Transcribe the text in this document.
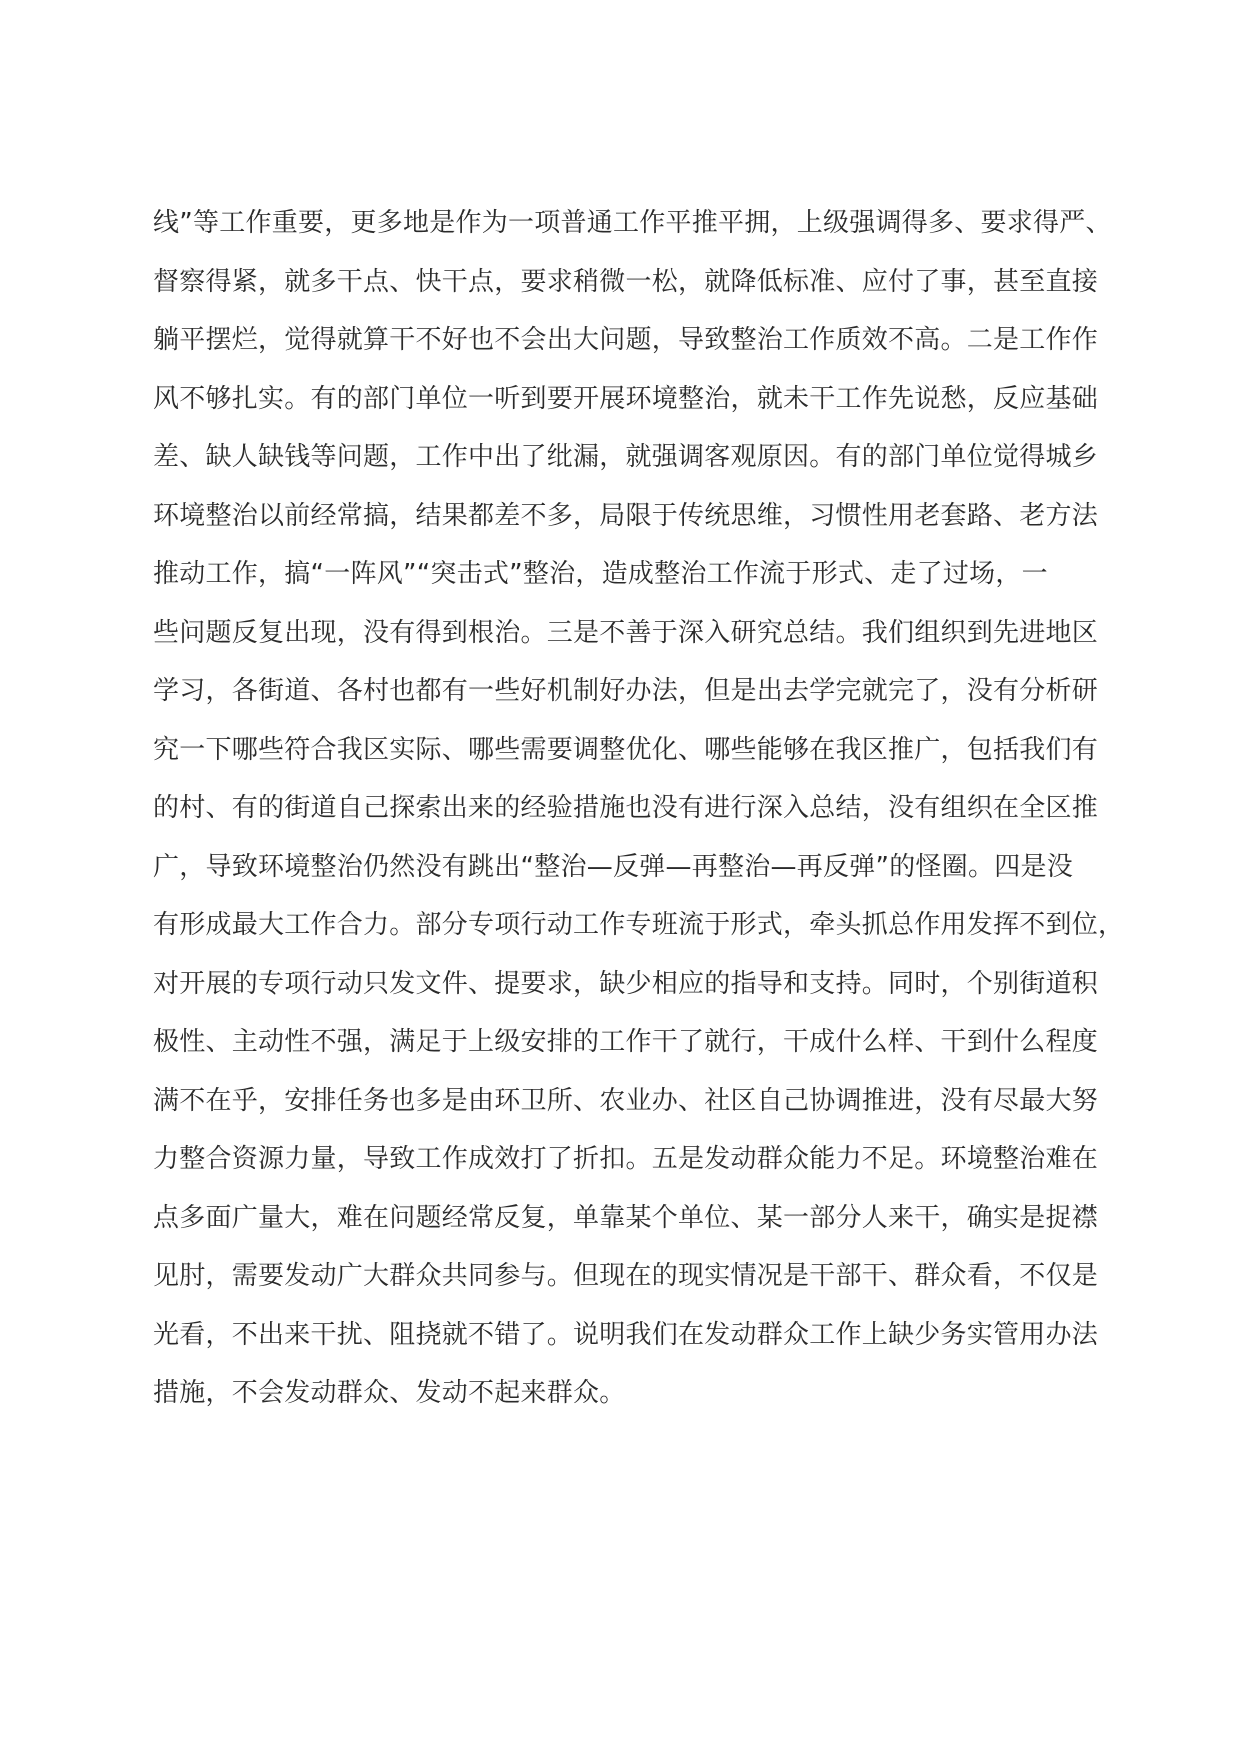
线”等工作重要，更多地是作为一项普通工作平推平拥，上级强调得多、要求得严、
督察得紧，就多干点、快干点，要求稍微一松，就降低标准、应付了事，甚至直接
躺平摆烂，觉得就算干不好也不会出大问题，导致整治工作质效不高。二是工作作
风不够扎实。有的部门单位一听到要开展环境整治，就未干工作先说愁，反应基础
差、缺人缺钱等问题，工作中出了纰漏，就强调客观原因。有的部门单位觉得城乡
环境整治以前经常搞，结果都差不多，局限于传统思维，习惯性用老套路、老方法
推动工作，搞“一阵风”“突击式”整治，造成整治工作流于形式、走了过场，一
些问题反复出现，没有得到根治。三是不善于深入研究总结。我们组织到先进地区
学习，各街道、各村也都有一些好机制好办法，但是出去学完就完了，没有分析研
究一下哪些符合我区实际、哪些需要调整优化、哪些能够在我区推广，包括我们有
的村、有的街道自己探索出来的经验措施也没有进行深入总结，没有组织在全区推
广，导致环境整治仍然没有跳出“整治—反弹—再整治—再反弹”的怪圈。四是没
有形成最大工作合力。部分专项行动工作专班流于形式，牵头抓总作用发挥不到位，
对开展的专项行动只发文件、提要求，缺少相应的指导和支持。同时，个别街道积
极性、主动性不强，满足于上级安排的工作干了就行，干成什么样、干到什么程度
满不在乎，安排任务也多是由环卫所、农业办、社区自己协调推进，没有尽最大努
力整合资源力量，导致工作成效打了折扣。五是发动群众能力不足。环境整治难在
点多面广量大，难在问题经常反复，单靠某个单位、某一部分人来干，确实是捉襟
见肘，需要发动广大群众共同参与。但现在的现实情况是干部干、群众看，不仅是
光看，不出来干扰、阻挠就不错了。说明我们在发动群众工作上缺少务实管用办法
措施，不会发动群众、发动不起来群众。
